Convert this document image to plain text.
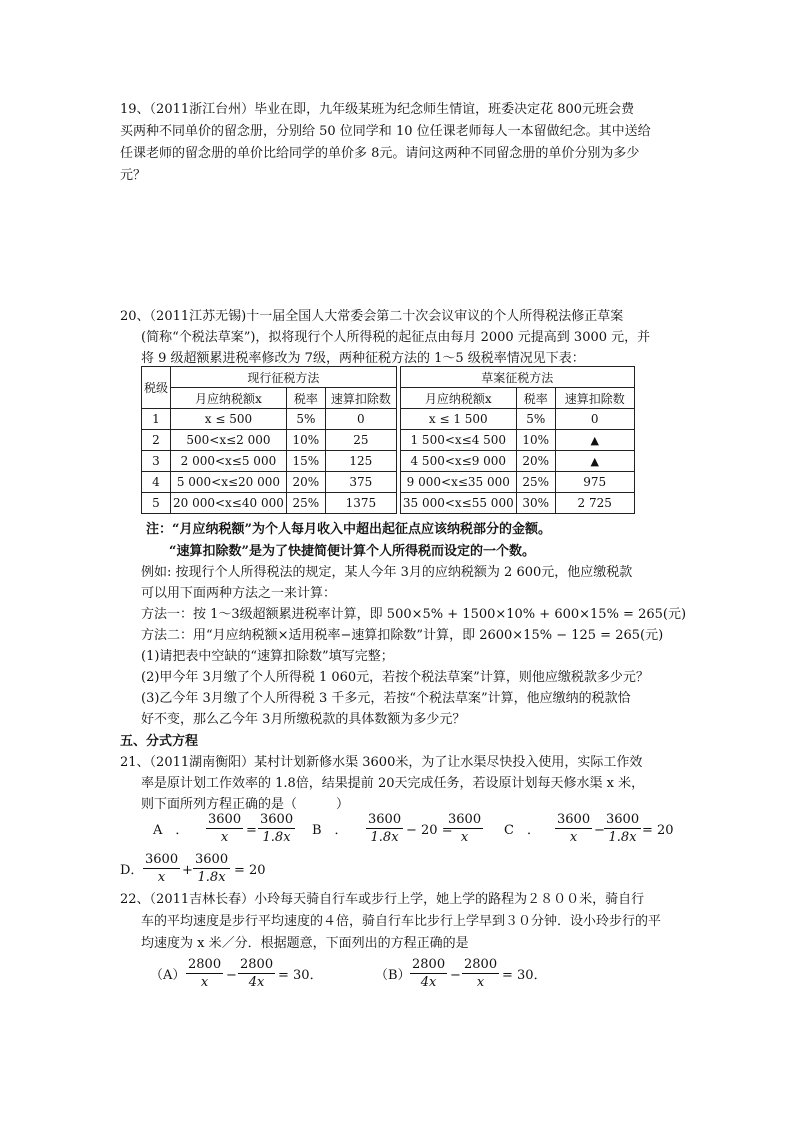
19、（2011浙江台州）毕业在即，九年级某班为纪念师生情谊，班委决定花 800元班会费
买两种不同单价的留念册，分别给 50 位同学和 10 位任课老师每人一本留做纪念。其中送给
任课老师的留念册的单价比给同学的单价多 8元。请问这两种不同留念册的单价分别为多少
元？
20、（2011江苏无锡)十一届全国人大常委会第二十次会议审议的个人所得税法修正草案
(简称“个税法草案”)，拟将现行个人所得税的起征点由每月 2000 元提高到 3000 元，并
将 9 级超额累进税率修改为 7级，两种征税方法的 1～5 级税率情况见下表：
税级	现行征税方法				草案征税方法		
	月应纳税额x	税率	速算扣除数		月应纳税额x	税率	速算扣除数
1	x ≤ 500	5%	0		x ≤ 1 500	5%	0
2	500<x≤2 000	10%	25		1 500<x≤4 500	10%	▲
3	2 000<x≤5 000	15%	125		4 500<x≤9 000	20%	▲
4	5 000<x≤20 000	20%	375		9 000<x≤35 000	25%	975
5	20 000<x≤40 000	25%	1375		35 000<x≤55 000	30%	2 725
注：“月应纳税额”为个人每月收入中超出起征点应该纳税部分的金额。
“速算扣除数”是为了快捷简便计算个人所得税而设定的一个数。
例如: 按现行个人所得税法的规定，某人今年 3月的应纳税额为 2 600元，他应缴税款
可以用下面两种方法之一来计算：
方法一：按 1～3级超额累进税率计算，即 500×5% + 1500×10% + 600×15% = 265(元)
方法二：用“月应纳税额×适用税率−速算扣除数”计算，即 2600×15% − 125 = 265(元)
(1)请把表中空缺的“速算扣除数”填写完整；
(2)甲今年 3月缴了个人所得税 1 060元，若按个税法草案”计算，则他应缴税款多少元？
(3)乙今年 3月缴了个人所得税 3 千多元，若按“个税法草案”计算，他应缴纳的税款恰
好不变，那么乙今年 3月所缴税款的具体数额为多少元？
五、分式方程
21、（2011湖南衡阳）某村计划新修水渠 3600米，为了让水渠尽快投入使用，实际工作效
率是原计划工作效率的 1.8倍，结果提前 20天完成任务，若设原计划每天修水渠 x 米，
则下面所列方程正确的是（　　　）
A　． $\frac{3600}{x} = \frac{3600}{1.8x}$ B　． $\frac{3600}{1.8x} - 20$ =
$\frac{3600}{x}$ C　． $\frac{3600}{x} - \frac{3600}{1.8x} = 20$
D． $\frac{3600}{x} + \frac{3600}{1.8x} = 20$
22、（2011吉林长春）小玲每天骑自行车或步行上学，她上学的路程为２８００米，骑自行
车的平均速度是步行平均速度的４倍，骑自行车比步行上学早到３０分钟．设小玲步行的平
均速度为 x 米／分．根据题意，下面列出的方程正确的是
$(A) \frac{2800}{x} - \frac{2800}{4x} = 30$．	$(B) \frac{2800}{4x} - \frac{2800}{x} = 30$．
